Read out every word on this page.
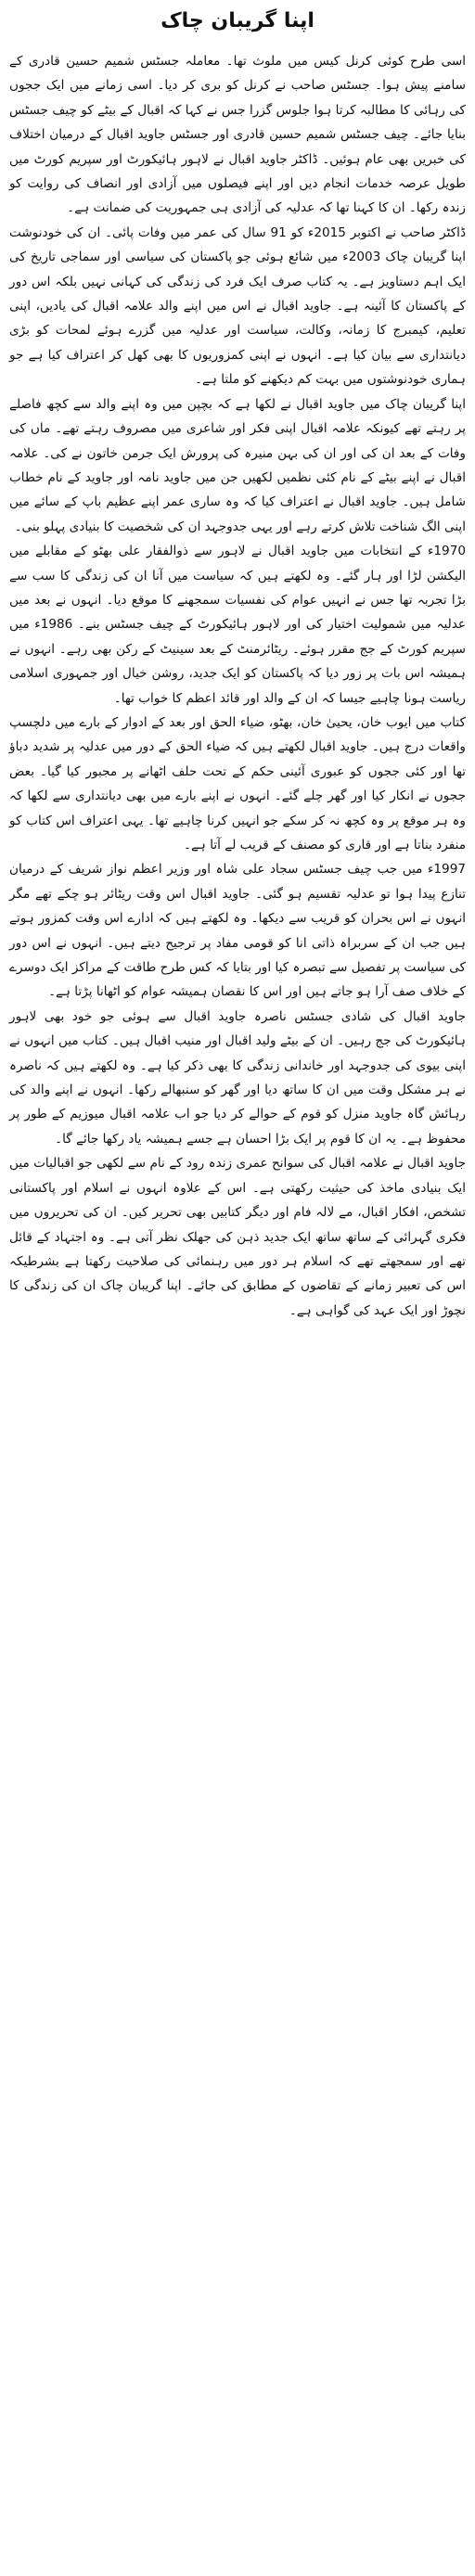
اپنا گریبان چاک

اسی طرح کوئی کرنل کیس میں ملوث تھا۔ معاملہ جسٹس شمیم حسین قادری کے سامنے پیش ہوا۔ جسٹس صاحب نے کرنل کو بری کر دیا۔ اسی زمانے میں ایک ججوں کی رہائی کا مطالبہ کرتا ہوا جلوس گزرا جس نے کہا کہ اقبال کے بیٹے کو چیف جسٹس بنایا جائے۔ چیف جسٹس شمیم حسین قادری اور جسٹس جاوید اقبال کے درمیان اختلاف کی خبریں بھی عام ہوئیں۔ ڈاکٹر جاوید اقبال نے لاہور ہائیکورٹ اور سپریم کورٹ میں طویل عرصہ خدمات انجام دیں اور اپنے فیصلوں میں آزادی اور انصاف کی روایت کو زندہ رکھا۔ ان کا کہنا تھا کہ عدلیہ کی آزادی ہی جمہوریت کی ضمانت ہے۔

ڈاکٹر صاحب نے اکتوبر 2015ء کو 91 سال کی عمر میں وفات پائی۔ ان کی خودنوشت اپنا گریبان چاک 2003ء میں شائع ہوئی جو پاکستان کی سیاسی اور سماجی تاریخ کی ایک اہم دستاویز ہے۔ یہ کتاب صرف ایک فرد کی زندگی کی کہانی نہیں بلکہ اس دور کے پاکستان کا آئینہ ہے۔ جاوید اقبال نے اس میں اپنے والد علامہ اقبال کی یادیں، اپنی تعلیم، کیمبرج کا زمانہ، وکالت، سیاست اور عدلیہ میں گزرے ہوئے لمحات کو بڑی دیانتداری سے بیان کیا ہے۔ انہوں نے اپنی کمزوریوں کا بھی کھل کر اعتراف کیا ہے جو ہماری خودنوشتوں میں بہت کم دیکھنے کو ملتا ہے۔

اپنا گریبان چاک میں جاوید اقبال نے لکھا ہے کہ بچپن میں وہ اپنے والد سے کچھ فاصلے پر رہتے تھے کیونکہ علامہ اقبال اپنی فکر اور شاعری میں مصروف رہتے تھے۔ ماں کی وفات کے بعد ان کی اور ان کی بہن منیرہ کی پرورش ایک جرمن خاتون نے کی۔ علامہ اقبال نے اپنے بیٹے کے نام کئی نظمیں لکھیں جن میں جاوید نامہ اور جاوید کے نام خطاب شامل ہیں۔ جاوید اقبال نے اعتراف کیا کہ وہ ساری عمر اپنے عظیم باپ کے سائے میں اپنی الگ شناخت تلاش کرتے رہے اور یہی جدوجہد ان کی شخصیت کا بنیادی پہلو بنی۔

1970ء کے انتخابات میں جاوید اقبال نے لاہور سے ذوالفقار علی بھٹو کے مقابلے میں الیکشن لڑا اور ہار گئے۔ وہ لکھتے ہیں کہ سیاست میں آنا ان کی زندگی کا سب سے بڑا تجربہ تھا جس نے انہیں عوام کی نفسیات سمجھنے کا موقع دیا۔ انہوں نے بعد میں عدلیہ میں شمولیت اختیار کی اور لاہور ہائیکورٹ کے چیف جسٹس بنے۔ 1986ء میں سپریم کورٹ کے جج مقرر ہوئے۔ ریٹائرمنٹ کے بعد سینیٹ کے رکن بھی رہے۔ انہوں نے ہمیشہ اس بات پر زور دیا کہ پاکستان کو ایک جدید، روشن خیال اور جمہوری اسلامی ریاست ہونا چاہیے جیسا کہ ان کے والد اور قائد اعظم کا خواب تھا۔

کتاب میں ایوب خان، یحییٰ خان، بھٹو، ضیاء الحق اور بعد کے ادوار کے بارے میں دلچسپ واقعات درج ہیں۔ جاوید اقبال لکھتے ہیں کہ ضیاء الحق کے دور میں عدلیہ پر شدید دباؤ تھا اور کئی ججوں کو عبوری آئینی حکم کے تحت حلف اٹھانے پر مجبور کیا گیا۔ بعض ججوں نے انکار کیا اور گھر چلے گئے۔ انہوں نے اپنے بارے میں بھی دیانتداری سے لکھا کہ وہ ہر موقع پر وہ کچھ نہ کر سکے جو انہیں کرنا چاہیے تھا۔ یہی اعتراف اس کتاب کو منفرد بناتا ہے اور قاری کو مصنف کے قریب لے آتا ہے۔

1997ء میں جب چیف جسٹس سجاد علی شاہ اور وزیر اعظم نواز شریف کے درمیان تنازع پیدا ہوا تو عدلیہ تقسیم ہو گئی۔ جاوید اقبال اس وقت ریٹائر ہو چکے تھے مگر انہوں نے اس بحران کو قریب سے دیکھا۔ وہ لکھتے ہیں کہ ادارے اس وقت کمزور ہوتے ہیں جب ان کے سربراہ ذاتی انا کو قومی مفاد پر ترجیح دیتے ہیں۔ انہوں نے اس دور کی سیاست پر تفصیل سے تبصرہ کیا اور بتایا کہ کس طرح طاقت کے مراکز ایک دوسرے کے خلاف صف آرا ہو جاتے ہیں اور اس کا نقصان ہمیشہ عوام کو اٹھانا پڑتا ہے۔

جاوید اقبال کی شادی جسٹس ناصرہ جاوید اقبال سے ہوئی جو خود بھی لاہور ہائیکورٹ کی جج رہیں۔ ان کے بیٹے ولید اقبال اور منیب اقبال ہیں۔ کتاب میں انہوں نے اپنی بیوی کی جدوجہد اور خاندانی زندگی کا بھی ذکر کیا ہے۔ وہ لکھتے ہیں کہ ناصرہ نے ہر مشکل وقت میں ان کا ساتھ دیا اور گھر کو سنبھالے رکھا۔ انہوں نے اپنے والد کی رہائش گاہ جاوید منزل کو قوم کے حوالے کر دیا جو اب علامہ اقبال میوزیم کے طور پر محفوظ ہے۔ یہ ان کا قوم پر ایک بڑا احسان ہے جسے ہمیشہ یاد رکھا جائے گا۔

جاوید اقبال نے علامہ اقبال کی سوانح عمری زندہ رود کے نام سے لکھی جو اقبالیات میں ایک بنیادی ماخذ کی حیثیت رکھتی ہے۔ اس کے علاوہ انہوں نے اسلام اور پاکستانی تشخص، افکار اقبال، مے لالہ فام اور دیگر کتابیں بھی تحریر کیں۔ ان کی تحریروں میں فکری گہرائی کے ساتھ ساتھ ایک جدید ذہن کی جھلک نظر آتی ہے۔ وہ اجتہاد کے قائل تھے اور سمجھتے تھے کہ اسلام ہر دور میں رہنمائی کی صلاحیت رکھتا ہے بشرطیکہ اس کی تعبیر زمانے کے تقاضوں کے مطابق کی جائے۔ اپنا گریبان چاک ان کی زندگی کا نچوڑ اور ایک عہد کی گواہی ہے۔
